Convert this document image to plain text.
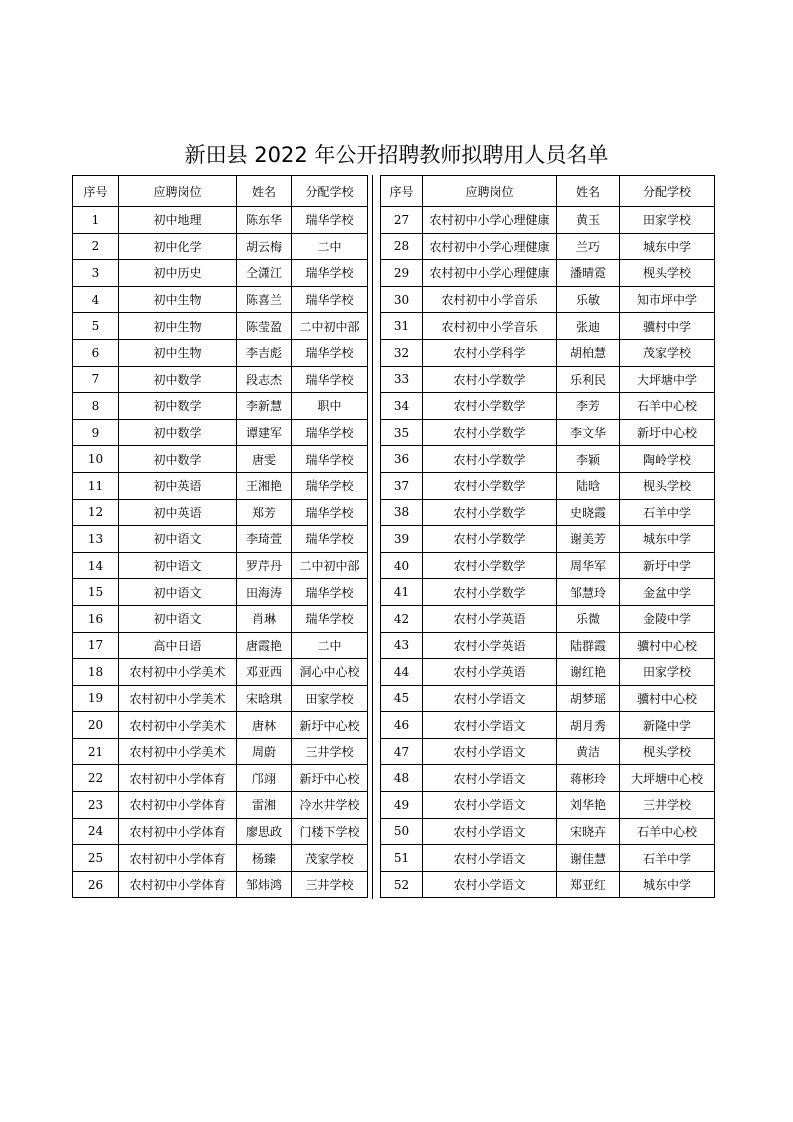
新田县 2022 年公开招聘教师拟聘用人员名单
序号	应聘岗位	姓名	分配学校
1	初中地理	陈东华	瑞华学校
2	初中化学	胡云梅	二中
3	初中历史	仝潇江	瑞华学校
4	初中生物	陈喜兰	瑞华学校
5	初中生物	陈莹盈	二中初中部
6	初中生物	李吉彪	瑞华学校
7	初中数学	段志杰	瑞华学校
8	初中数学	李新慧	职中
9	初中数学	谭建军	瑞华学校
10	初中数学	唐雯	瑞华学校
11	初中英语	王湘艳	瑞华学校
12	初中英语	郑芳	瑞华学校
13	初中语文	李琦萱	瑞华学校
14	初中语文	罗芹丹	二中初中部
15	初中语文	田海涛	瑞华学校
16	初中语文	肖琳	瑞华学校
17	高中日语	唐霞艳	二中
18	农村初中小学美术	邓亚西	洞心中心校
19	农村初中小学美术	宋晗琪	田家学校
20	农村初中小学美术	唐林	新圩中心校
21	农村初中小学美术	周蔚	三井学校
22	农村初中小学体育	邝翊	新圩中心校
23	农村初中小学体育	雷湘	冷水井学校
24	农村初中小学体育	廖思政	门楼下学校
25	农村初中小学体育	杨臻	茂家学校
26	农村初中小学体育	邹炜鸿	三井学校
序号	应聘岗位	姓名	分配学校
27	农村初中小学心理健康	黄玉	田家学校
28	农村初中小学心理健康	兰巧	城东中学
29	农村初中小学心理健康	潘晴霓	枧头学校
30	农村初中小学音乐	乐敏	知市坪中学
31	农村初中小学音乐	张迪	骥村中学
32	农村小学科学	胡柏慧	茂家学校
33	农村小学数学	乐利民	大坪塘中学
34	农村小学数学	李芳	石羊中心校
35	农村小学数学	李文华	新圩中心校
36	农村小学数学	李颖	陶岭学校
37	农村小学数学	陆晗	枧头学校
38	农村小学数学	史晓霞	石羊中学
39	农村小学数学	谢美芳	城东中学
40	农村小学数学	周华军	新圩中学
41	农村小学数学	邹慧玲	金盆中学
42	农村小学英语	乐微	金陵中学
43	农村小学英语	陆群霞	骥村中心校
44	农村小学英语	谢红艳	田家学校
45	农村小学语文	胡梦瑶	骥村中心校
46	农村小学语文	胡月秀	新隆中学
47	农村小学语文	黄洁	枧头学校
48	农村小学语文	蒋彬玲	大坪塘中心校
49	农村小学语文	刘华艳	三井学校
50	农村小学语文	宋晓卉	石羊中心校
51	农村小学语文	谢佳慧	石羊中学
52	农村小学语文	郑亚红	城东中学
